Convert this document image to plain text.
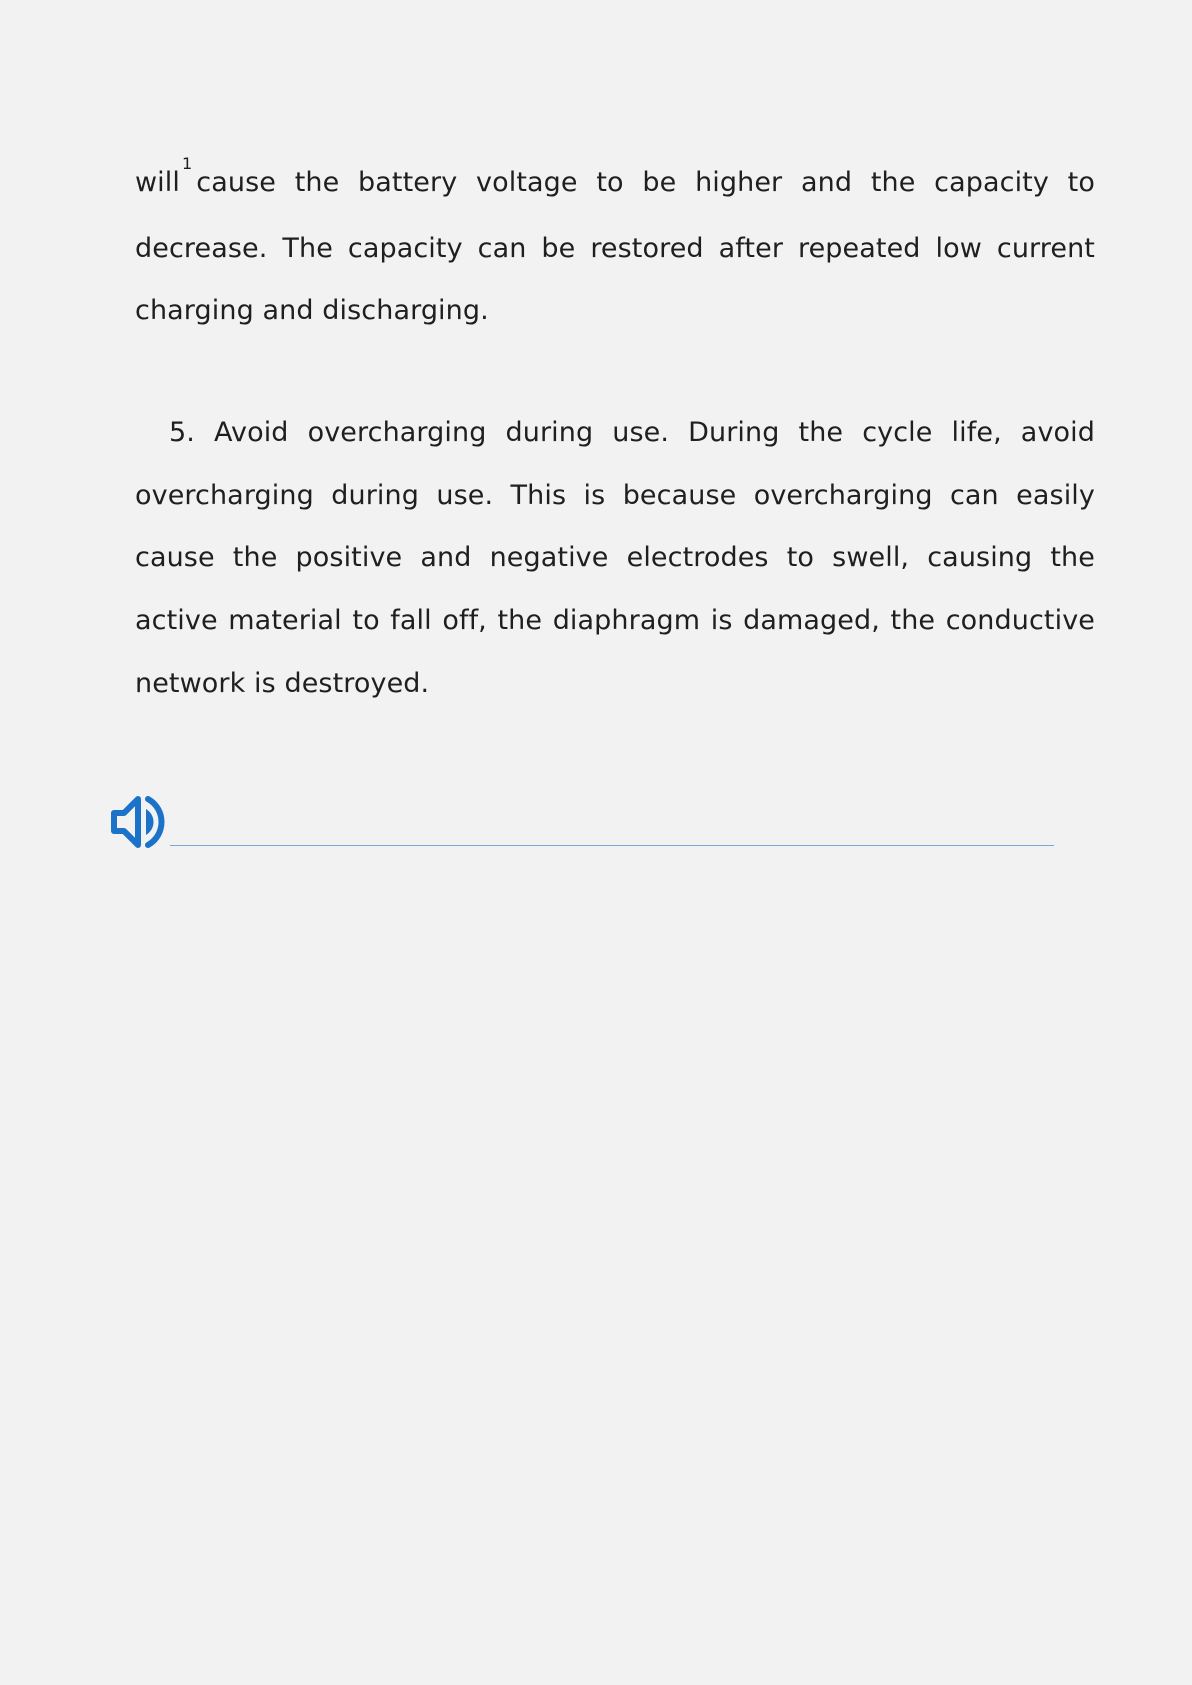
will$^1$cause the battery voltage to be higher and the capacity to decrease. The capacity can be restored after repeated low current charging and discharging.

5. Avoid overcharging during use. During the cycle life, avoid overcharging during use. This is because overcharging can easily cause the positive and negative electrodes to swell, causing the active material to fall off, the diaphragm is damaged, the conductive network is destroyed.
